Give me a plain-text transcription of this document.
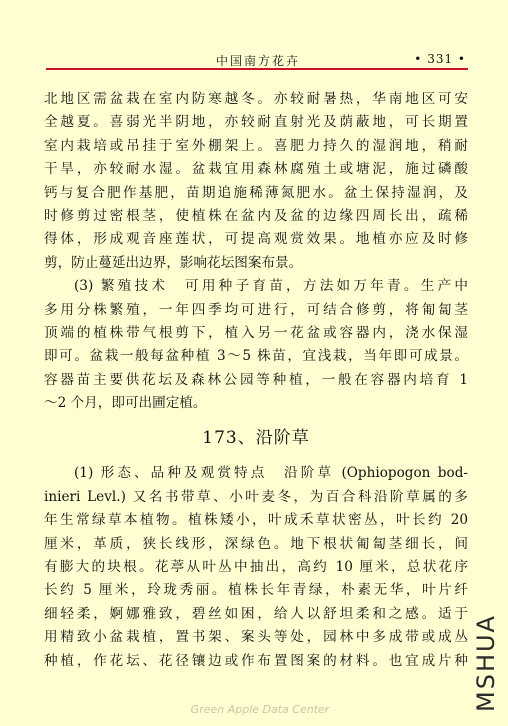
中国南方花卉	• 331 •
北地区需盆栽在室内防寒越冬。亦较耐暑热，华南地区可安
全越夏。喜弱光半阴地，亦较耐直射光及荫蔽地，可长期置
室内栽培或吊挂于室外棚架上。喜肥力持久的湿润地，稍耐
干旱，亦较耐水湿。盆栽宜用森林腐殖土或塘泥，施过磷酸
钙与复合肥作基肥，苗期追施稀薄氮肥水。盆土保持湿润，及
时修剪过密根茎，使植株在盆内及盆的边缘四周长出，疏稀
得体，形成观音座莲状，可提高观赏效果。地植亦应及时修
剪，防止蔓延出边界，影响花坛图案布景。
(3) 繁殖技术　可用种子育苗，方法如万年青。生产中
多用分株繁殖，一年四季均可进行，可结合修剪，将匍匐茎
顶端的植株带气根剪下，植入另一花盆或容器内，浇水保湿
即可。盆栽一般每盆种植 3～5 株苗，宜浅栽，当年即可成景。
容器苗主要供花坛及森林公园等种植，一般在容器内培育 1
～2 个月，即可出圃定植。
173、沿阶草
(1) 形态、品种及观赏特点　沿阶草 (Ophiopogon bod-
inieri Levl.) 又名书带草、小叶麦冬，为百合科沿阶草属的多
年生常绿草本植物。植株矮小，叶成禾草状密丛，叶长约 20
厘米，革质，狭长线形，深绿色。地下根状匍匐茎细长，间
有膨大的块根。花葶从叶丛中抽出，高约 10 厘米，总状花序
长约 5 厘米，玲珑秀丽。植株长年青绿，朴素无华，叶片纤
细轻柔，婀娜雅致，碧丝如困，给人以舒坦柔和之感。适于
用精致小盆栽植，置书架、案头等处，园林中多成带或成丛
种植，作花坛、花径镶边或作布置图案的材料。也宜成片种 MSHUA
Green Apple Data Center
